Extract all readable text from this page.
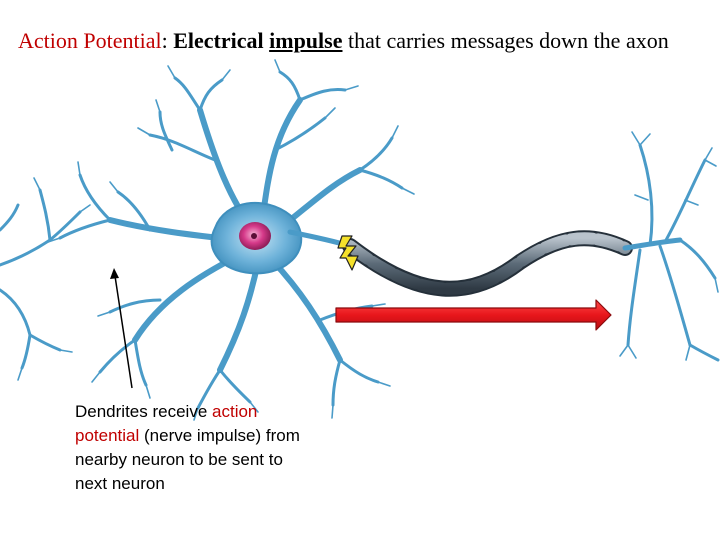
Action Potential: Electrical impulse that carries messages down the axon

Dendrites receive action potential (nerve impulse) from nearby neuron to be sent to next neuron
